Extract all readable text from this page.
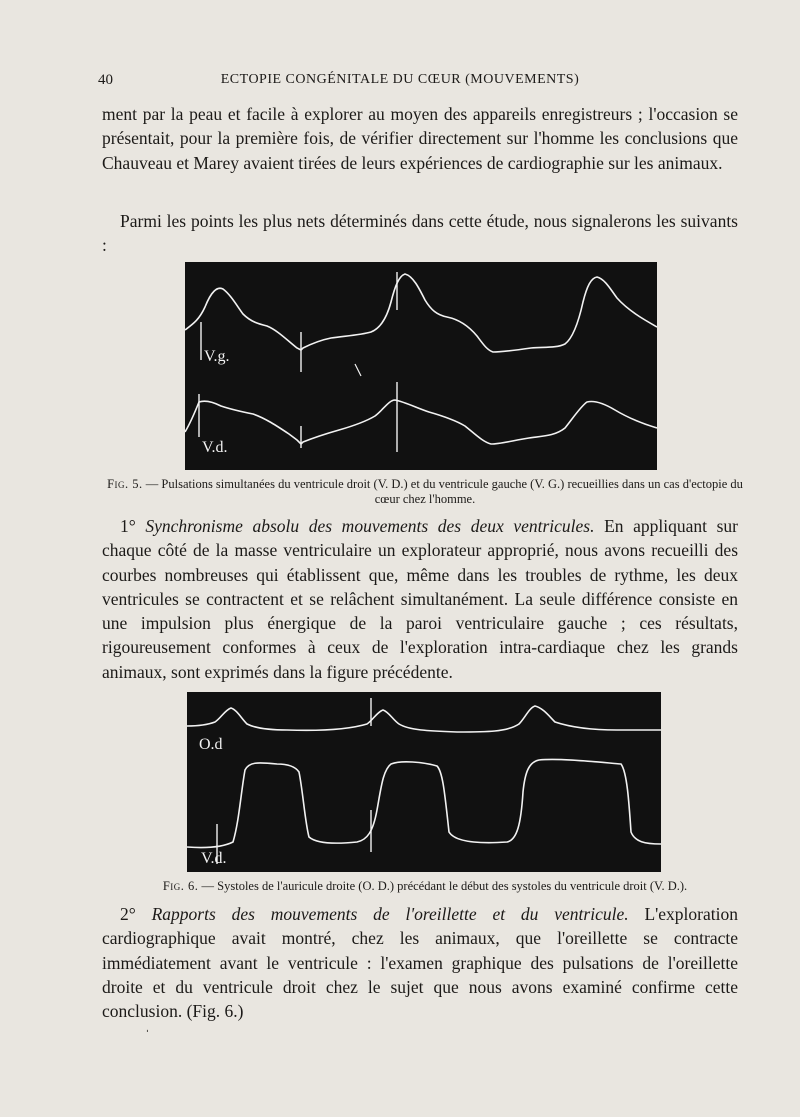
40	ECTOPIE CONGÉNITALE DU CŒUR (MOUVEMENTS)

ment par la peau et facile à explorer au moyen des appareils enregistreurs ; l'occasion se présentait, pour la première fois, de vérifier directement sur l'homme les conclusions que Chauveau et Marey avaient tirées de leurs expériences de cardiographie sur les animaux.

Parmi les points les plus nets déterminés dans cette étude, nous signalerons les suivants :

V.g.
V.d.
Fig. 5. — Pulsations simultanées du ventricule droit (V. D.) et du ventricule gauche (V. G.) recueillies dans un cas d'ectopie du cœur chez l'homme.

1° Synchronisme absolu des mouvements des deux ventricules. En appliquant sur chaque côté de la masse ventriculaire un explorateur approprié, nous avons recueilli des courbes nombreuses qui établissent que, même dans les troubles de rythme, les deux ventricules se contractent et se relâchent simultanément. La seule différence consiste en une impulsion plus énergique de la paroi ventriculaire gauche ; ces résultats, rigoureusement conformes à ceux de l'exploration intra-cardiaque chez les grands animaux, sont exprimés dans la figure précédente.

O.d
V.d.
Fig. 6. — Systoles de l'auricule droite (O. D.) précédant le début des systoles du ventricule droit (V. D.).

2° Rapports des mouvements de l'oreillette et du ventricule. L'exploration cardiographique avait montré, chez les animaux, que l'oreillette se contracte immédiatement avant le ventricule : l'examen graphique des pulsations de l'oreillette droite et du ventricule droit chez le sujet que nous avons examiné confirme cette conclusion. (Fig. 6.)

ˌ
